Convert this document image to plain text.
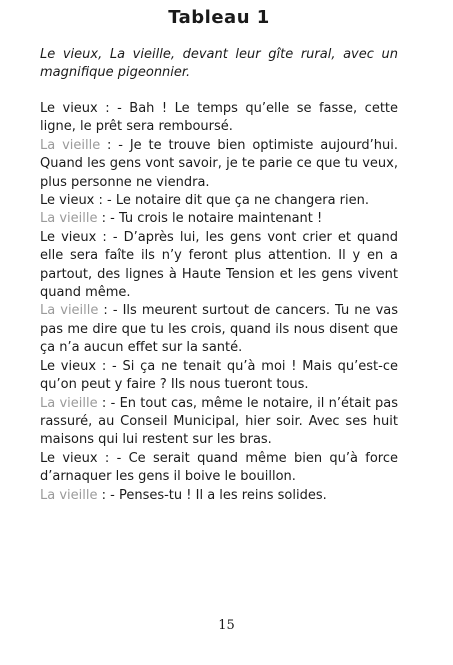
Tableau 1
Le vieux, La vieille, devant leur gîte rural, avec un magnifique pigeonnier.

Le vieux : - Bah ! Le temps qu’elle se fasse, cette ligne, le prêt sera remboursé.

La vieille : - Je te trouve bien optimiste aujourd’hui. Quand les gens vont savoir, je te parie ce que tu veux, plus personne ne viendra.

Le vieux : - Le notaire dit que ça ne changera rien.

La vieille : - Tu crois le notaire maintenant !

Le vieux : - D’après lui, les gens vont crier et quand elle sera faîte ils n’y feront plus attention. Il y en a partout, des lignes à Haute Tension et les gens vivent quand même.

La vieille : - Ils meurent surtout de cancers. Tu ne vas pas me dire que tu les crois, quand ils nous disent que ça n’a aucun effet sur la santé.

Le vieux : - Si ça ne tenait qu’à moi ! Mais qu’est-ce qu’on peut y faire ? Ils nous tueront tous.

La vieille : - En tout cas, même le notaire, il n’était pas rassuré, au Conseil Municipal, hier soir. Avec ses huit maisons qui lui restent sur les bras.

Le vieux : - Ce serait quand même bien qu’à force d’arnaquer les gens il boive le bouillon.

La vieille : - Penses-tu ! Il a les reins solides.

15
